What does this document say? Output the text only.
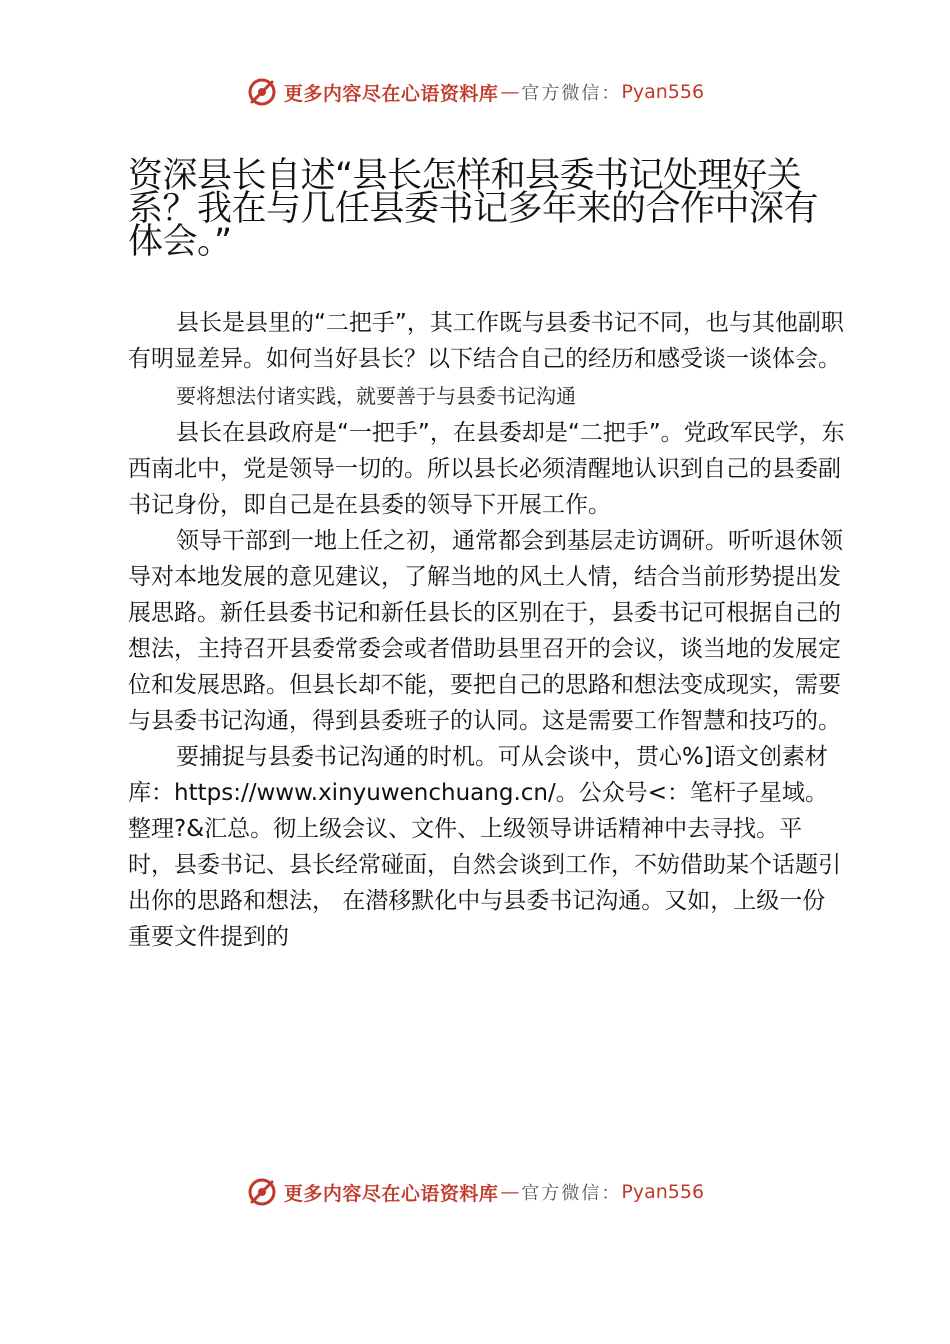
更多内容尽在心语资料库 — 官方微信： Pyan556
资深县长自述“县长怎样和县委书记处理好关系？我在与几任县委书记多年来的合作中深有体会。”

县长是县里的“二把手”，其工作既与县委书记不同，也与其他副职有明显差异。如何当好县长？以下结合自己的经历和感受谈一谈体会。

要将想法付诸实践，就要善于与县委书记沟通

县长在县政府是“一把手”，在县委却是“二把手”。党政军民学，东西南北中，党是领导一切的。所以县长必须清醒地认识到自己的县委副书记身份，即自己是在县委的领导下开展工作。

领导干部到一地上任之初，通常都会到基层走访调研。听听退休领导对本地发展的意见建议，了解当地的风土人情，结合当前形势提出发展思路。新任县委书记和新任县长的区别在于，县委书记可根据自己的想法，主持召开县委常委会或者借助县里召开的会议，谈当地的发展定位和发展思路。但县长却不能，要把自己的思路和想法变成现实，需要与县委书记沟通，得到县委班子的认同。这是需要工作智慧和技巧的。

要捕捉与县委书记沟通的时机。可从会谈中，贯心%]语文创素材库：https://www.xinyuwenchuang.cn/。公众号<：笔杆子星域。整理?&汇总。彻上级会议、文件、上级领导讲话精神中去寻找。平时，县委书记、县长经常碰面，自然会谈到工作，不妨借助某个话题引出你的思路和想法， 在潜移默化中与县委书记沟通。又如，上级一份重要文件提到的

更多内容尽在心语资料库 — 官方微信： Pyan556
